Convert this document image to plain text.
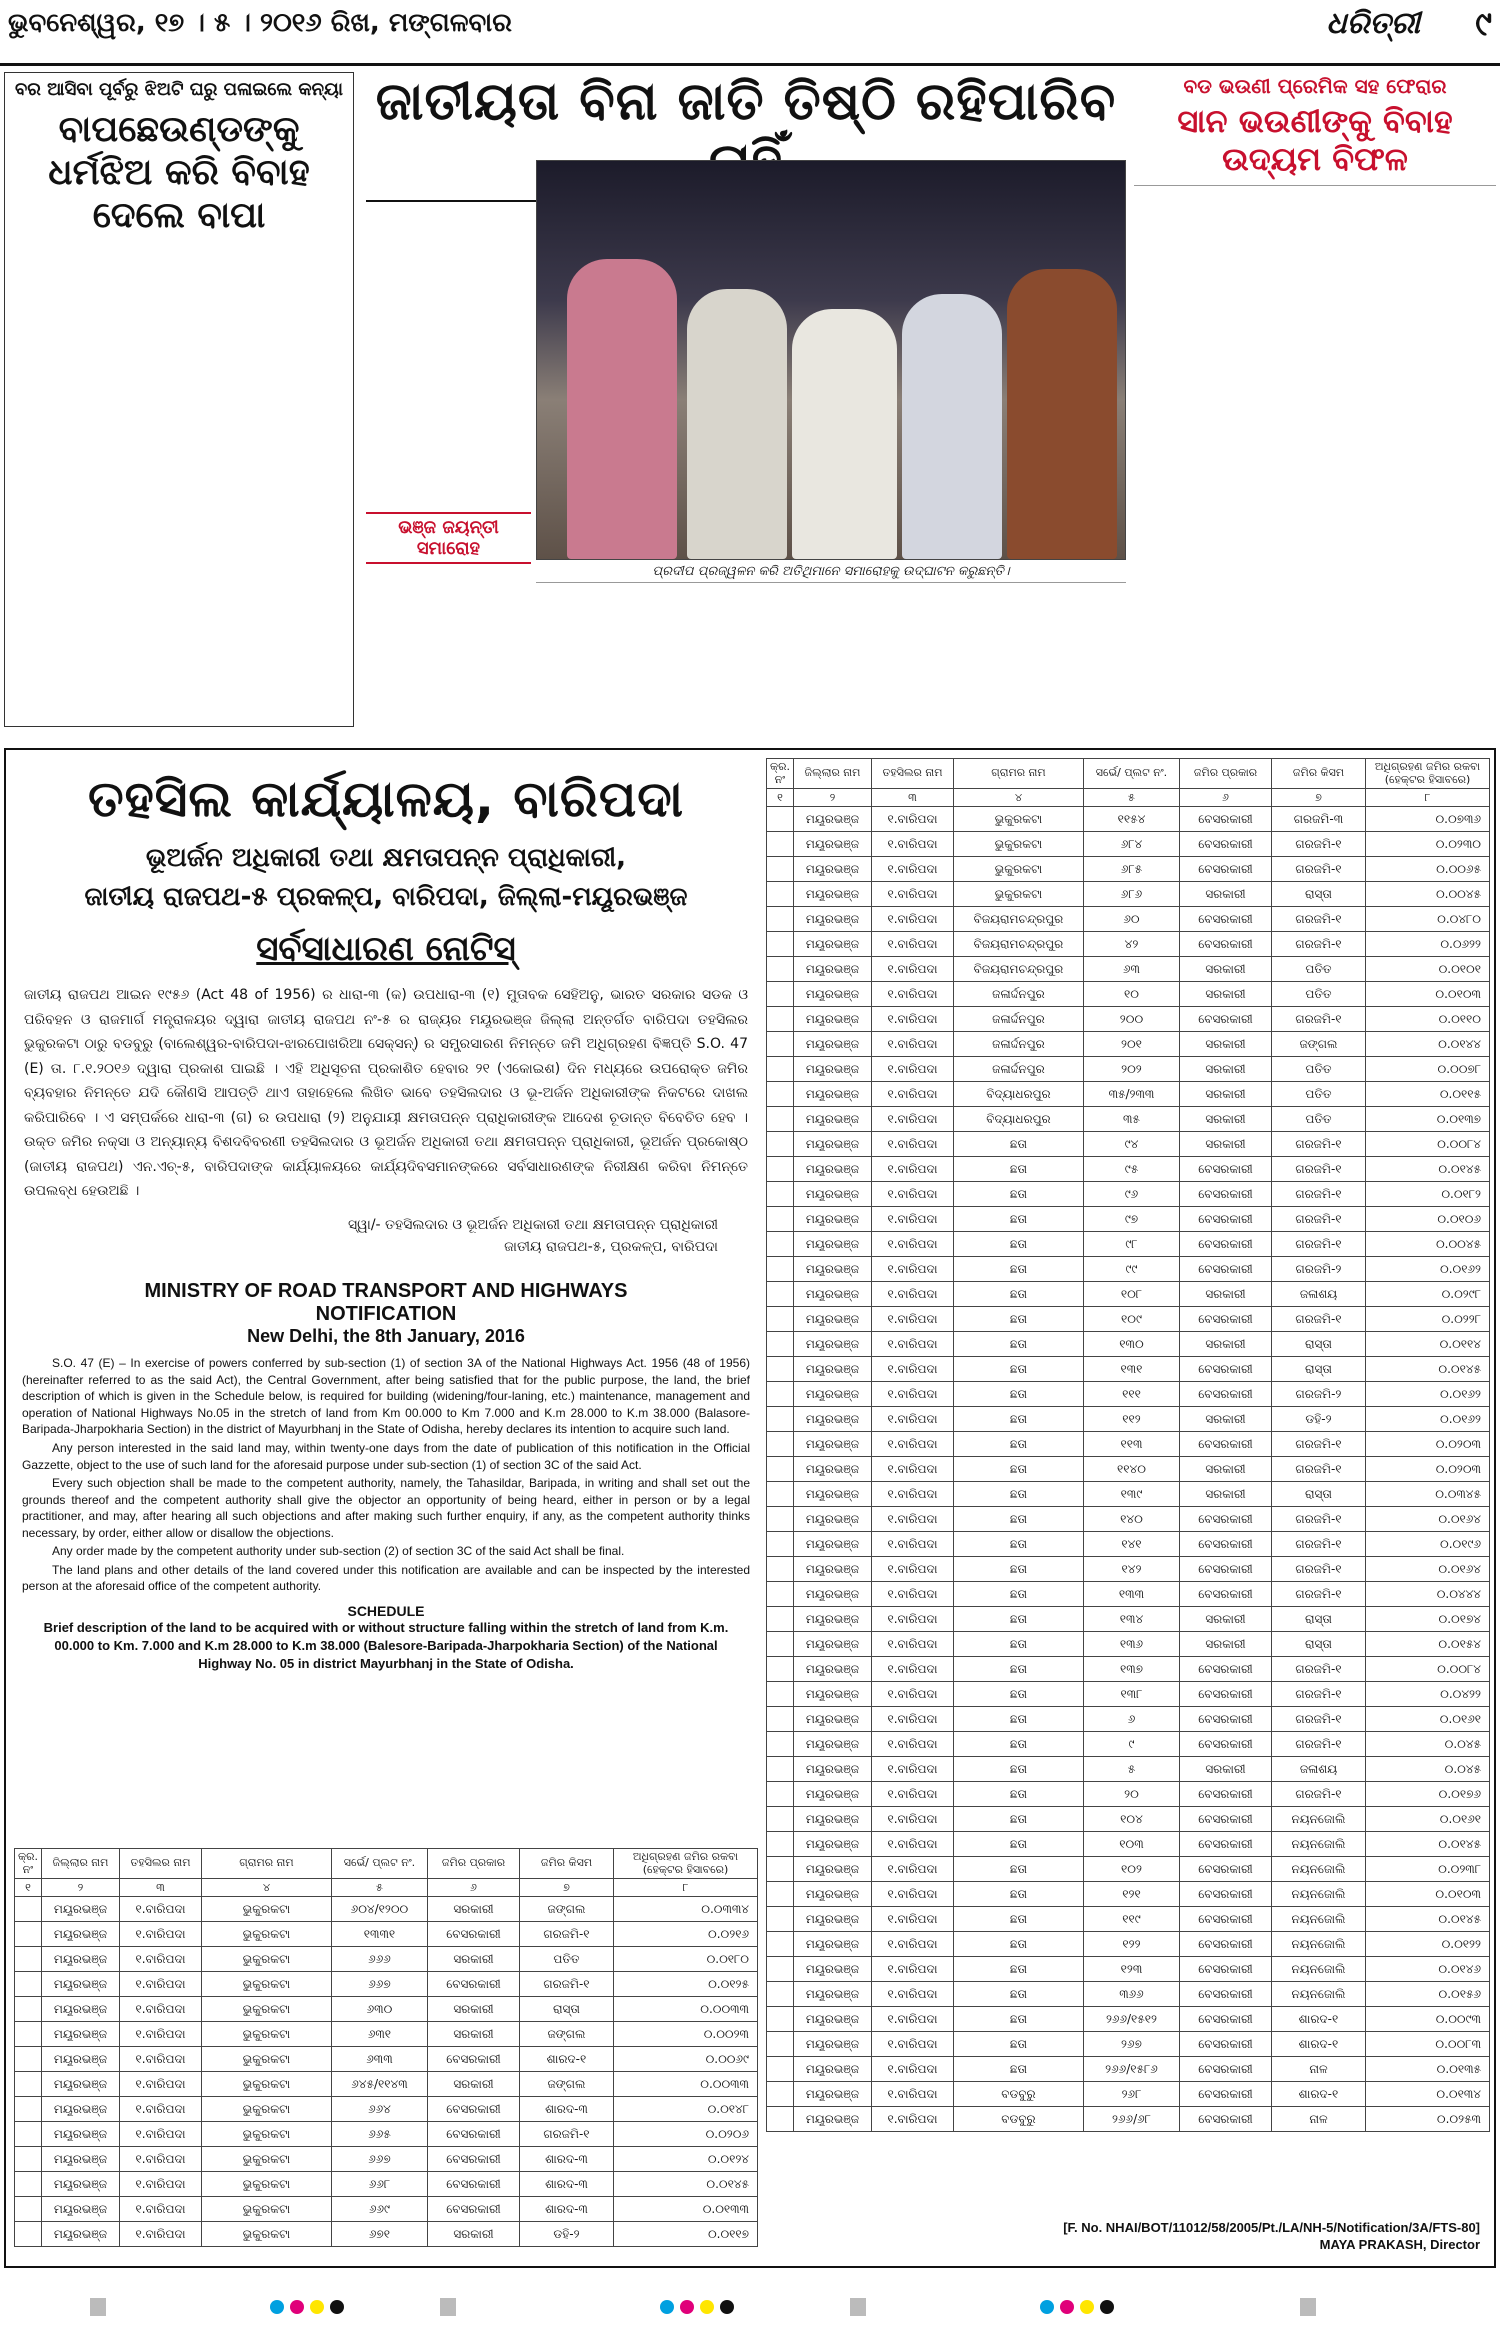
ଭୁବନେଶ୍ୱର, ୧୭ । ୫ । ୨୦୧୬ ରିଖ, ମଙ୍ଗଳବାର	ଧରିତ୍ରୀ ୯
ବର ଆସିବା ପୂର୍ବରୁ ଝିଅଟି ଘରୁ ପଳାଇଲେ କନ୍ୟା
ବାପଛେଉଣ୍ଡଙ୍କୁ ଧର୍ମଝିଅ କରି ବିବାହ ଦେଲେ ବାପା
ଜାତୀୟତା ବିନା ଜାତି ତିଷ୍ଠି ରହିପାରିବ
ଭଞ୍ଜ ଜୟନ୍ତୀ ସମାରୋହ
ପ୍ରଦୀପ ପ୍ରଜ୍ୱଳନ କରି ଅତିଥିମାନେ ସମାରୋହକୁ ଉଦ୍‌ଘାଟନ କରୁଛନ୍ତି।
ବଡ ଭଉଣୀ ପ୍ରେମିକ ସହ ଫେରାର
ସାନ ଭଉଣୀଙ୍କୁ ବିବାହ ଉଦ୍ୟମ ବିଫଳ
ତହସିଲ କାର୍ଯ୍ୟାଳୟ, ବାରିପଦା
ଭୂଅର୍ଜନ ଅଧିକାରୀ ତଥା କ୍ଷମତାପନ୍ନ ପ୍ରାଧିକାରୀ,
ଜାତୀୟ ରାଜପଥ-୫ ପ୍ରକଳ୍ପ, ବାରିପଦା, ଜିଲ୍ଲା-ମୟୂରଭଞ୍ଜ
ସର୍ବସାଧାରଣ ନୋଟିସ୍
ଜାତୀୟ ରାଜପଥ ଆଇନ ୧୯୫୬ (Act 48 of 1956) ର ଧାରା-୩ (କ) ଉପଧାରା-୩ (୧) ମୁତାବକ ସେହିଅନୁ, ଭାରତ ସରକାର ସଡକ ଓ ପରିବହନ ଓ ରାଜମାର୍ଗ ମନ୍ତ୍ରାଳୟର ଦ୍ୱାରା ଜାତୀୟ ରାଜପଥ ନଂ-୫ ର ରାଜ୍ୟର ମୟୂରଭଞ୍ଜ ଜିଲ୍ଲା ଅନ୍ତର୍ଗତ ବାରିପଦା ତହସିଲର ଭୁକୁରକଟା ଠାରୁ ବଡବୁରୁ (ବାଲେଶ୍ୱର-ବାରିପଦା-ଝାରପୋଖରିଆ ସେକ୍ସନ୍) ର ସମ୍ପ୍ରସାରଣ ନିମନ୍ତେ ଜମି ଅଧିଗ୍ରହଣ ବିଜ୍ଞପ୍ତି S.O. 47 (E) ତା. ୮.୧.୨୦୧୬ ଦ୍ୱାରା ପ୍ରକାଶ ପାଇଛି । ଏହି ଅଧିସୂଚନା ପ୍ରକାଶିତ ହେବାର ୨୧ (ଏକୋଇଶ) ଦିନ ମଧ୍ୟରେ ଉପରୋକ୍ତ ଜମିର ବ୍ୟବହାର ନିମନ୍ତେ ଯଦି କୌଣସି ଆପତ୍ତି ଥାଏ ତାହାହେଲେ ଲିଖିତ ଭାବେ ତହସିଲଦାର ଓ ଭୂ-ଅର୍ଜନ ଅଧିକାରୀଙ୍କ ନିକଟରେ ଦାଖଲ କରିପାରିବେ । ଏ ସମ୍ପର୍କରେ ଧାରା-୩ (ଗ) ର ଉପଧାରା (୨) ଅନୁଯାୟୀ କ୍ଷମତାପନ୍ନ ପ୍ରାଧିକାରୀଙ୍କ ଆଦେଶ ଚୂଡାନ୍ତ ବିବେଚିତ ହେବ । ଉକ୍ତ ଜମିର ନକ୍ସା ଓ ଅନ୍ୟାନ୍ୟ ବିଶଦବିବରଣୀ ତହସିଲଦାର ଓ ଭୂଅର୍ଜନ ଅଧିକାରୀ ତଥା କ୍ଷମତାପନ୍ନ ପ୍ରାଧିକାରୀ, ଭୂଅର୍ଜନ ପ୍ରକୋଷ୍ଠ (ଜାତୀୟ ରାଜପଥ) ଏନ.ଏଚ୍-୫, ବାରିପଦାଙ୍କ କାର୍ଯ୍ୟାଳୟରେ କାର୍ଯ୍ୟଦିବସମାନଙ୍କରେ ସର୍ବସାଧାରଣଙ୍କ ନିରୀକ୍ଷଣ କରିବା ନିମନ୍ତେ ଉପଲବ୍ଧ ହେଉଅଛି ।
ସ୍ୱା/- ତହସିଲଦାର ଓ ଭୂଅର୍ଜନ ଅଧିକାରୀ ତଥା କ୍ଷମତାପନ୍ନ ପ୍ରାଧିକାରୀ
ଜାତୀୟ ରାଜପଥ-୫, ପ୍ରକଳ୍ପ, ବାରିପଦା
MINISTRY OF ROAD TRANSPORT AND HIGHWAYS
NOTIFICATION
New Delhi, the 8th January, 2016
S.O. 47 (E) – In exercise of powers conferred by sub-section (1) of section 3A of the National Highways Act. 1956 (48 of 1956) (hereinafter referred to as the said Act), the Central Government, after being satisfied that for the public purpose, the land, the brief description of which is given in the Schedule below, is required for building (widening/four-laning, etc.) maintenance, management and operation of National Highways No.05 in the stretch of land from Km 00.000 to Km 7.000 and K.m 28.000 to K.m 38.000 (Balasore-Baripada-Jharpokharia Section) in the district of Mayurbhanj in the State of Odisha, hereby declares its intention to acquire such land.
Any person interested in the said land may, within twenty-one days from the date of publication of this notification in the Official Gazzette, object to the use of such land for the aforesaid purpose under sub-section (1) of section 3C of the said Act.
Every such objection shall be made to the competent authority, namely, the Tahasildar, Baripada, in writing and shall set out the grounds thereof and the competent authority shall give the objector an opportunity of being heard, either in person or by a legal practitioner, and may, after hearing all such objections and after making such further enquiry, if any, as the competent authority thinks necessary, by order, either allow or disallow the objections.
Any order made by the competent authority under sub-section (2) of section 3C of the said Act shall be final.
The land plans and other details of the land covered under this notification are available and can be inspected by the interested person at the aforesaid office of the competent authority.
SCHEDULE
Brief description of the land to be acquired with or without structure falling within the stretch of land from K.m. 00.000 to Km. 7.000 and K.m 28.000 to K.m 38.000 (Balesore-Baripada-Jharpokharia Section) of the National Highway No. 05 in district Mayurbhanj in the State of Odisha.
କ୍ର. ନଂ	ଜିଲ୍ଲାର ନାମ	ତହସିଲର ନାମ	ଗ୍ରାମର ନାମ	ସର୍ଭେ/ ପ୍ଲଟ ନଂ.	ଜମିର ପ୍ରକାର	ଜମିର କିସମ	ଅଧିଗ୍ରହଣ ଜମିର ରକବା (ହେକ୍ଟର ହିସାବରେ)
୧	୨	୩	୪	୫	୬	୭	୮
	ମୟୂରଭଞ୍ଜ	୧.ବାରିପଦା	ଭୁକୁରକଟା	୬୦୪/୧୨୦୦	ସରକାରୀ	ଜଙ୍ଗଲ	୦.୦୩୩୪
	ମୟୂରଭଞ୍ଜ	୧.ବାରିପଦା	ଭୁକୁରକଟା	୧୩୩୧	ବେସରକାରୀ	ଗରଜମି-୧	୦.୦୨୧୬
	ମୟୂରଭଞ୍ଜ	୧.ବାରିପଦା	ଭୁକୁରକଟା	୬୬୬	ସରକାରୀ	ପତିତ	୦.୦୧୮୦
	ମୟୂରଭଞ୍ଜ	୧.ବାରିପଦା	ଭୁକୁରକଟା	୬୬୭	ବେସରକାରୀ	ଗରଜମି-୧	୦.୦୧୨୫
	ମୟୂରଭଞ୍ଜ	୧.ବାରିପଦା	ଭୁକୁରକଟା	୬୩୦	ସରକାରୀ	ରାସ୍ତା	୦.୦୦୩୩
	ମୟୂରଭଞ୍ଜ	୧.ବାରିପଦା	ଭୁକୁରକଟା	୬୩୧	ସରକାରୀ	ଜଙ୍ଗଲ	୦.୦୦୨୩
	ମୟୂରଭଞ୍ଜ	୧.ବାରିପଦା	ଭୁକୁରକଟା	୬୩୩	ବେସରକାରୀ	ଶାରଦ-୧	୦.୦୦୬୯
	ମୟୂରଭଞ୍ଜ	୧.ବାରିପଦା	ଭୁକୁରକଟା	୬୪୫/୧୧୪୩	ସରକାରୀ	ଜଙ୍ଗଲ	୦.୦୦୩୩
	ମୟୂରଭଞ୍ଜ	୧.ବାରିପଦା	ଭୁକୁରକଟା	୬୬୪	ବେସରକାରୀ	ଶାରଦ-୩	୦.୦୧୪୮
	ମୟୂରଭଞ୍ଜ	୧.ବାରିପଦା	ଭୁକୁରକଟା	୬୬୫	ବେସରକାରୀ	ଗରଜମି-୧	୦.୦୨୦୬
	ମୟୂରଭଞ୍ଜ	୧.ବାରିପଦା	ଭୁକୁରକଟା	୬୬୭	ବେସରକାରୀ	ଶାରଦ-୩	୦.୦୧୨୪
	ମୟୂରଭଞ୍ଜ	୧.ବାରିପଦା	ଭୁକୁରକଟା	୬୬୮	ବେସରକାରୀ	ଶାରଦ-୩	୦.୦୧୪୫
	ମୟୂରଭଞ୍ଜ	୧.ବାରିପଦା	ଭୁକୁରକଟା	୬୬୯	ବେସରକାରୀ	ଶାରଦ-୩	୦.୦୧୩୩
	ମୟୂରଭଞ୍ଜ	୧.ବାରିପଦା	ଭୁକୁରକଟା	୬୭୧	ସରକାରୀ	ଡହି-୨	୦.୦୧୧୭
କ୍ର. ନଂ	ଜିଲ୍ଲାର ନାମ	ତହସିଲର ନାମ	ଗ୍ରାମର ନାମ	ସର୍ଭେ/ ପ୍ଲଟ ନଂ.	ଜମିର ପ୍ରକାର	ଜମିର କିସମ	ଅଧିଗ୍ରହଣ ଜମିର ରକବା (ହେକ୍ଟର ହିସାବରେ)
୧	୨	୩	୪	୫	୬	୭	୮
	ମୟୂରଭଞ୍ଜ	୧.ବାରିପଦା	ଭୁକୁରକଟା	୧୧୫୪	ବେସରକାରୀ	ଗରଜମି-୩	୦.୦୭୩୬
	ମୟୂରଭଞ୍ଜ	୧.ବାରିପଦା	ଭୁକୁରକଟା	୬୮୪	ବେସରକାରୀ	ଗରଜମି-୧	୦.୦୨୩୦
	ମୟୂରଭଞ୍ଜ	୧.ବାରିପଦା	ଭୁକୁରକଟା	୬୮୫	ବେସରକାରୀ	ଗରଜମି-୧	୦.୦୦୬୫
	ମୟୂରଭଞ୍ଜ	୧.ବାରିପଦା	ଭୁକୁରକଟା	୬୮୬	ସରକାରୀ	ରାସ୍ତା	୦.୦୦୪୫
	ମୟୂରଭଞ୍ଜ	୧.ବାରିପଦା	ବିଜୟରାମଚନ୍ଦ୍ରପୁର	୬୦	ବେସରକାରୀ	ଗରଜମି-୧	୦.୦୪୮୦
	ମୟୂରଭଞ୍ଜ	୧.ବାରିପଦା	ବିଜୟରାମଚନ୍ଦ୍ରପୁର	୪୨	ବେସରକାରୀ	ଗରଜମି-୧	୦.୦୬୨୨
	ମୟୂରଭଞ୍ଜ	୧.ବାରିପଦା	ବିଜୟରାମଚନ୍ଦ୍ରପୁର	୬୩	ସରକାରୀ	ପତିତ	୦.୦୧୦୧
	ମୟୂରଭଞ୍ଜ	୧.ବାରିପଦା	ଜଳାର୍ଦ୍ଦନପୁର	୧୦	ସରକାରୀ	ପତିତ	୦.୦୧୦୩
	ମୟୂରଭଞ୍ଜ	୧.ବାରିପଦା	ଜଳାର୍ଦ୍ଦନପୁର	୨୦୦	ବେସରକାରୀ	ଗରଜମି-୧	୦.୦୧୧୦
	ମୟୂରଭଞ୍ଜ	୧.ବାରିପଦା	ଜଳାର୍ଦ୍ଦନପୁର	୨୦୧	ସରକାରୀ	ଜଙ୍ଗଲ	୦.୦୧୪୪
	ମୟୂରଭଞ୍ଜ	୧.ବାରିପଦା	ଜଳାର୍ଦ୍ଦନପୁର	୨୦୨	ସରକାରୀ	ପତିତ	୦.୦୦୭୮
	ମୟୂରଭଞ୍ଜ	୧.ବାରିପଦା	ବିଦ୍ୟାଧରପୁର	୩୫/୨୩୩	ସରକାରୀ	ପତିତ	୦.୦୧୧୫
	ମୟୂରଭଞ୍ଜ	୧.ବାରିପଦା	ବିଦ୍ୟାଧରପୁର	୩୫	ସରକାରୀ	ପତିତ	୦.୦୧୩୭
	ମୟୂରଭଞ୍ଜ	୧.ବାରିପଦା	ଛତା	୯୪	ସରକାରୀ	ଗରଜମି-୧	୦.୦୦୮୪
	ମୟୂରଭଞ୍ଜ	୧.ବାରିପଦା	ଛତା	୯୫	ବେସରକାରୀ	ଗରଜମି-୧	୦.୦୧୪୫
	ମୟୂରଭଞ୍ଜ	୧.ବାରିପଦା	ଛତା	୯୬	ବେସରକାରୀ	ଗରଜମି-୧	୦.୦୧୮୨
	ମୟୂରଭଞ୍ଜ	୧.ବାରିପଦା	ଛତା	୯୭	ବେସରକାରୀ	ଗରଜମି-୧	୦.୦୧୦୬
	ମୟୂରଭଞ୍ଜ	୧.ବାରିପଦା	ଛତା	୯୮	ବେସରକାରୀ	ଗରଜମି-୧	୦.୦୦୪୫
	ମୟୂରଭଞ୍ଜ	୧.ବାରିପଦା	ଛତା	୯୯	ବେସରକାରୀ	ଗରଜମି-୨	୦.୦୧୬୨
	ମୟୂରଭଞ୍ଜ	୧.ବାରିପଦା	ଛତା	୧୦୮	ସରକାରୀ	ଜଳାଶୟ	୦.୦୨୯୮
	ମୟୂରଭଞ୍ଜ	୧.ବାରିପଦା	ଛତା	୧୦୯	ବେସରକାରୀ	ଗରଜମି-୧	୦.୦୨୨୮
	ମୟୂରଭଞ୍ଜ	୧.ବାରିପଦା	ଛତା	୧୩୦	ସରକାରୀ	ରାସ୍ତା	୦.୦୧୧୪
	ମୟୂରଭଞ୍ଜ	୧.ବାରିପଦା	ଛତା	୧୩୧	ବେସରକାରୀ	ରାସ୍ତା	୦.୦୧୪୫
	ମୟୂରଭଞ୍ଜ	୧.ବାରିପଦା	ଛତା	୧୧୧	ବେସରକାରୀ	ଗରଜମି-୨	୦.୦୧୬୨
	ମୟୂରଭଞ୍ଜ	୧.ବାରିପଦା	ଛତା	୧୧୨	ସରକାରୀ	ଡହି-୨	୦.୦୧୬୨
	ମୟୂରଭଞ୍ଜ	୧.ବାରିପଦା	ଛତା	୧୧୩	ବେସରକାରୀ	ଗରଜମି-୧	୦.୦୨୦୩
	ମୟୂରଭଞ୍ଜ	୧.ବାରିପଦା	ଛତା	୧୧୪୦	ସରକାରୀ	ଗରଜମି-୧	୦.୦୨୦୩
	ମୟୂରଭଞ୍ଜ	୧.ବାରିପଦା	ଛତା	୧୩୯	ସରକାରୀ	ରାସ୍ତା	୦.୦୩୪୫
	ମୟୂରଭଞ୍ଜ	୧.ବାରିପଦା	ଛତା	୧୪୦	ବେସରକାରୀ	ଗରଜମି-୧	୦.୦୧୬୪
	ମୟୂରଭଞ୍ଜ	୧.ବାରିପଦା	ଛତା	୧୪୧	ବେସରକାରୀ	ଗରଜମି-୧	୦.୦୧୯୬
	ମୟୂରଭଞ୍ଜ	୧.ବାରିପଦା	ଛତା	୧୪୨	ବେସରକାରୀ	ଗରଜମି-୧	୦.୦୧୬୪
	ମୟୂରଭଞ୍ଜ	୧.ବାରିପଦା	ଛତା	୧୩୩	ବେସରକାରୀ	ଗରଜମି-୧	୦.୦୪୪୪
	ମୟୂରଭଞ୍ଜ	୧.ବାରିପଦା	ଛତା	୧୩୪	ସରକାରୀ	ରାସ୍ତା	୦.୦୧୭୪
	ମୟୂରଭଞ୍ଜ	୧.ବାରିପଦା	ଛତା	୧୩୬	ସରକାରୀ	ରାସ୍ତା	୦.୦୧୫୪
	ମୟୂରଭଞ୍ଜ	୧.ବାରିପଦା	ଛତା	୧୩୭	ବେସରକାରୀ	ଗରଜମି-୧	୦.୦୦୮୪
	ମୟୂରଭଞ୍ଜ	୧.ବାରିପଦା	ଛତା	୧୩୮	ବେସରକାରୀ	ଗରଜମି-୧	୦.୦୪୨୨
	ମୟୂରଭଞ୍ଜ	୧.ବାରିପଦା	ଛତା	୬	ବେସରକାରୀ	ଗରଜମି-୧	୦.୦୧୬୧
	ମୟୂରଭଞ୍ଜ	୧.ବାରିପଦା	ଛତା	୯	ବେସରକାରୀ	ଗରଜମି-୧	୦.୦୪୫
	ମୟୂରଭଞ୍ଜ	୧.ବାରିପଦା	ଛତା	୫	ସରକାରୀ	ଜଳାଶୟ	୦.୦୪୫
	ମୟୂରଭଞ୍ଜ	୧.ବାରିପଦା	ଛତା	୨୦	ବେସରକାରୀ	ଗରଜମି-୧	୦.୦୧୭୬
	ମୟୂରଭଞ୍ଜ	୧.ବାରିପଦା	ଛତା	୧୦୪	ବେସରକାରୀ	ନୟନଜୋଲି	୦.୦୧୬୧
	ମୟୂରଭଞ୍ଜ	୧.ବାରିପଦା	ଛତା	୧୦୩	ବେସରକାରୀ	ନୟନଜୋଲି	୦.୦୧୪୫
	ମୟୂରଭଞ୍ଜ	୧.ବାରିପଦା	ଛତା	୧୦୨	ବେସରକାରୀ	ନୟନଜୋଲି	୦.୦୨୩୮
	ମୟୂରଭଞ୍ଜ	୧.ବାରିପଦା	ଛତା	୧୨୧	ବେସରକାରୀ	ନୟନଜୋଲି	୦.୦୧୦୩
	ମୟୂରଭଞ୍ଜ	୧.ବାରିପଦା	ଛତା	୧୧୯	ବେସରକାରୀ	ନୟନଜୋଲି	୦.୦୧୪୫
	ମୟୂରଭଞ୍ଜ	୧.ବାରିପଦା	ଛତା	୧୨୨	ବେସରକାରୀ	ନୟନଜୋଲି	୦.୦୧୨୨
	ମୟୂରଭଞ୍ଜ	୧.ବାରିପଦା	ଛତା	୧୨୩	ବେସରକାରୀ	ନୟନଜୋଲି	୦.୦୧୪୬
	ମୟୂରଭଞ୍ଜ	୧.ବାରିପଦା	ଛତା	୩୬୬	ବେସରକାରୀ	ନୟନଜୋଲି	୦.୦୧୫୬
	ମୟୂରଭଞ୍ଜ	୧.ବାରିପଦା	ଛତା	୨୬୬/୧୫୧୨	ବେସରକାରୀ	ଶାରଦ-୧	୦.୦୦୯୩
	ମୟୂରଭଞ୍ଜ	୧.ବାରିପଦା	ଛତା	୨୬୭	ବେସରକାରୀ	ଶାରଦ-୧	୦.୦୦୮୩
	ମୟୂରଭଞ୍ଜ	୧.ବାରିପଦା	ଛତା	୨୬୬/୧୫୮୬	ବେସରକାରୀ	ନାଳ	୦.୦୧୩୫
	ମୟୂରଭଞ୍ଜ	୧.ବାରିପଦା	ବଡବୁରୁ	୨୬୮	ବେସରକାରୀ	ଶାରଦ-୧	୦.୦୧୩୪
	ମୟୂରଭଞ୍ଜ	୧.ବାରିପଦା	ବଡବୁରୁ	୨୬୬/୬୮	ବେସରକାରୀ	ନାଳ	୦.୦୨୫୩
[F. No. NHAI/BOT/11012/58/2005/Pt./LA/NH-5/Notification/3A/FTS-80]
MAYA PRAKASH, Director
